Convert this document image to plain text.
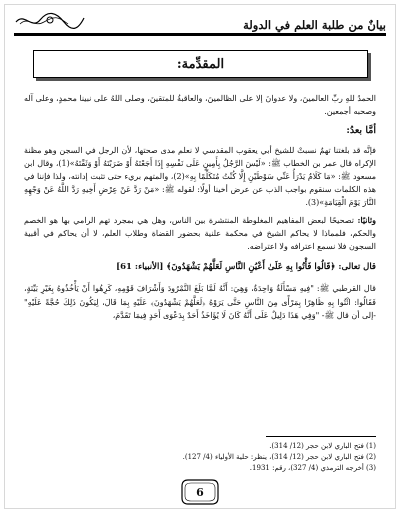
بيانٌ من طلبة العلم في الدولة
المقدِّمة:

الحمدُ للهِ ربِّ العالمينَ، ولا عدوانَ إلا على الظالمينَ، والعاقبةُ للمتقينَ، وصلى اللهُ على نبينا محمدٍ، وعلى آله وصحبه أجمعين.

أمَّا بعدُ:

فإنَّه قد بلغتنا تهمٌ نسبتْ للشيخ أبي يعقوب المقدسي لا نعلم مدى صحتها، لأن الرجل في السجن وهو مظنة الإكراه قال عمر بن الخطاب ﷺ: «لَيْسَ الرَّجُلُ بِأَمِينٍ عَلَى نَفْسِهِ إِذَا أَجَعْتَهُ أَوْ ضَرَبْتَهُ أَوْ وَثَقْتَهُ»(1)، وقال ابن مسعود ﷺ: «مَا كَلَامٌ يَدْرَأُ عَنِّي سَوْطَيْنِ إِلَّا كُنْتُ مُتَكَلِّمًا بِهِ»(2)، والمتهم بريء حتى تثبت إدانته، ولذا فإننا في هذه الكلمات سنقوم بواجب الذب عن عرض أخينا أولًا: لقوله ﷺ: «مَنْ رَدَّ عَنْ عِرْضِ أَخِيهِ رَدَّ اللَّهُ عَنْ وَجْهِهِ النَّارَ يَوْمَ الْقِيَامَةِ»(3).

وثانيًا: تصحيحًا لبعض المفاهيم المغلوطة المنتشرة بين الناس، وهل هي بمجرد تهم الرامي بها هو الخصم والحكم، فلمماذا لا يحاكم الشيخ في محكمة علنية بحضور القضاة وطلاب العلم، لا أن يحاكم في أقبية السجون فلا نسمع اعترافه ولا اعتراضه.

قال تعالى: ﴿قَالُوا فَأْتُوا بِهِ عَلَىٰ أَعْيُنِ النَّاسِ لَعَلَّهُمْ يَشْهَدُونَ﴾ [الأنبياء: 61]

قال القرطبي ﷺ: "فِيهِ مَسْأَلَةٌ وَاحِدَةٌ، وَهِيَ: أَنَّهُ لَمَّا بَلَغَ النَّمْرُودَ وَأَشْرَافَ قَوْمِهِ، كَرِهُوا أَنْ يَأْخُذُوهُ بِغَيْرِ بَيِّنَةٍ، فَقَالُوا: ائْتُوا بِهِ ظَاهِرًا بِمَرْأًى مِنَ النَّاسِ حَتَّى يَرَوْهُ ﴿لَعَلَّهُمْ يَشْهَدُونَ﴾ عَلَيْهِ بِمَا قَالَ، لِيَكُونَ ذَلِكَ حُجَّةً عَلَيْهِ" -إلى أن قال ﷺ- "وَفِي هَذَا دَلِيلٌ عَلَى أَنَّهُ كَانَ لَا يُؤَاخَذُ أَحَدٌ بِدَعْوَى أَحَدٍ فِيمَا تَقَدَّمَ،

(1) فتح الباري لابن حجر (12/ 314).
(2) فتح الباري لابن حجر (12/ 314)، ينظر: حلية الأولياء (4/ 127).
(3) أخرجه الترمذي (4/ 327)، رقم: 1931.
6
